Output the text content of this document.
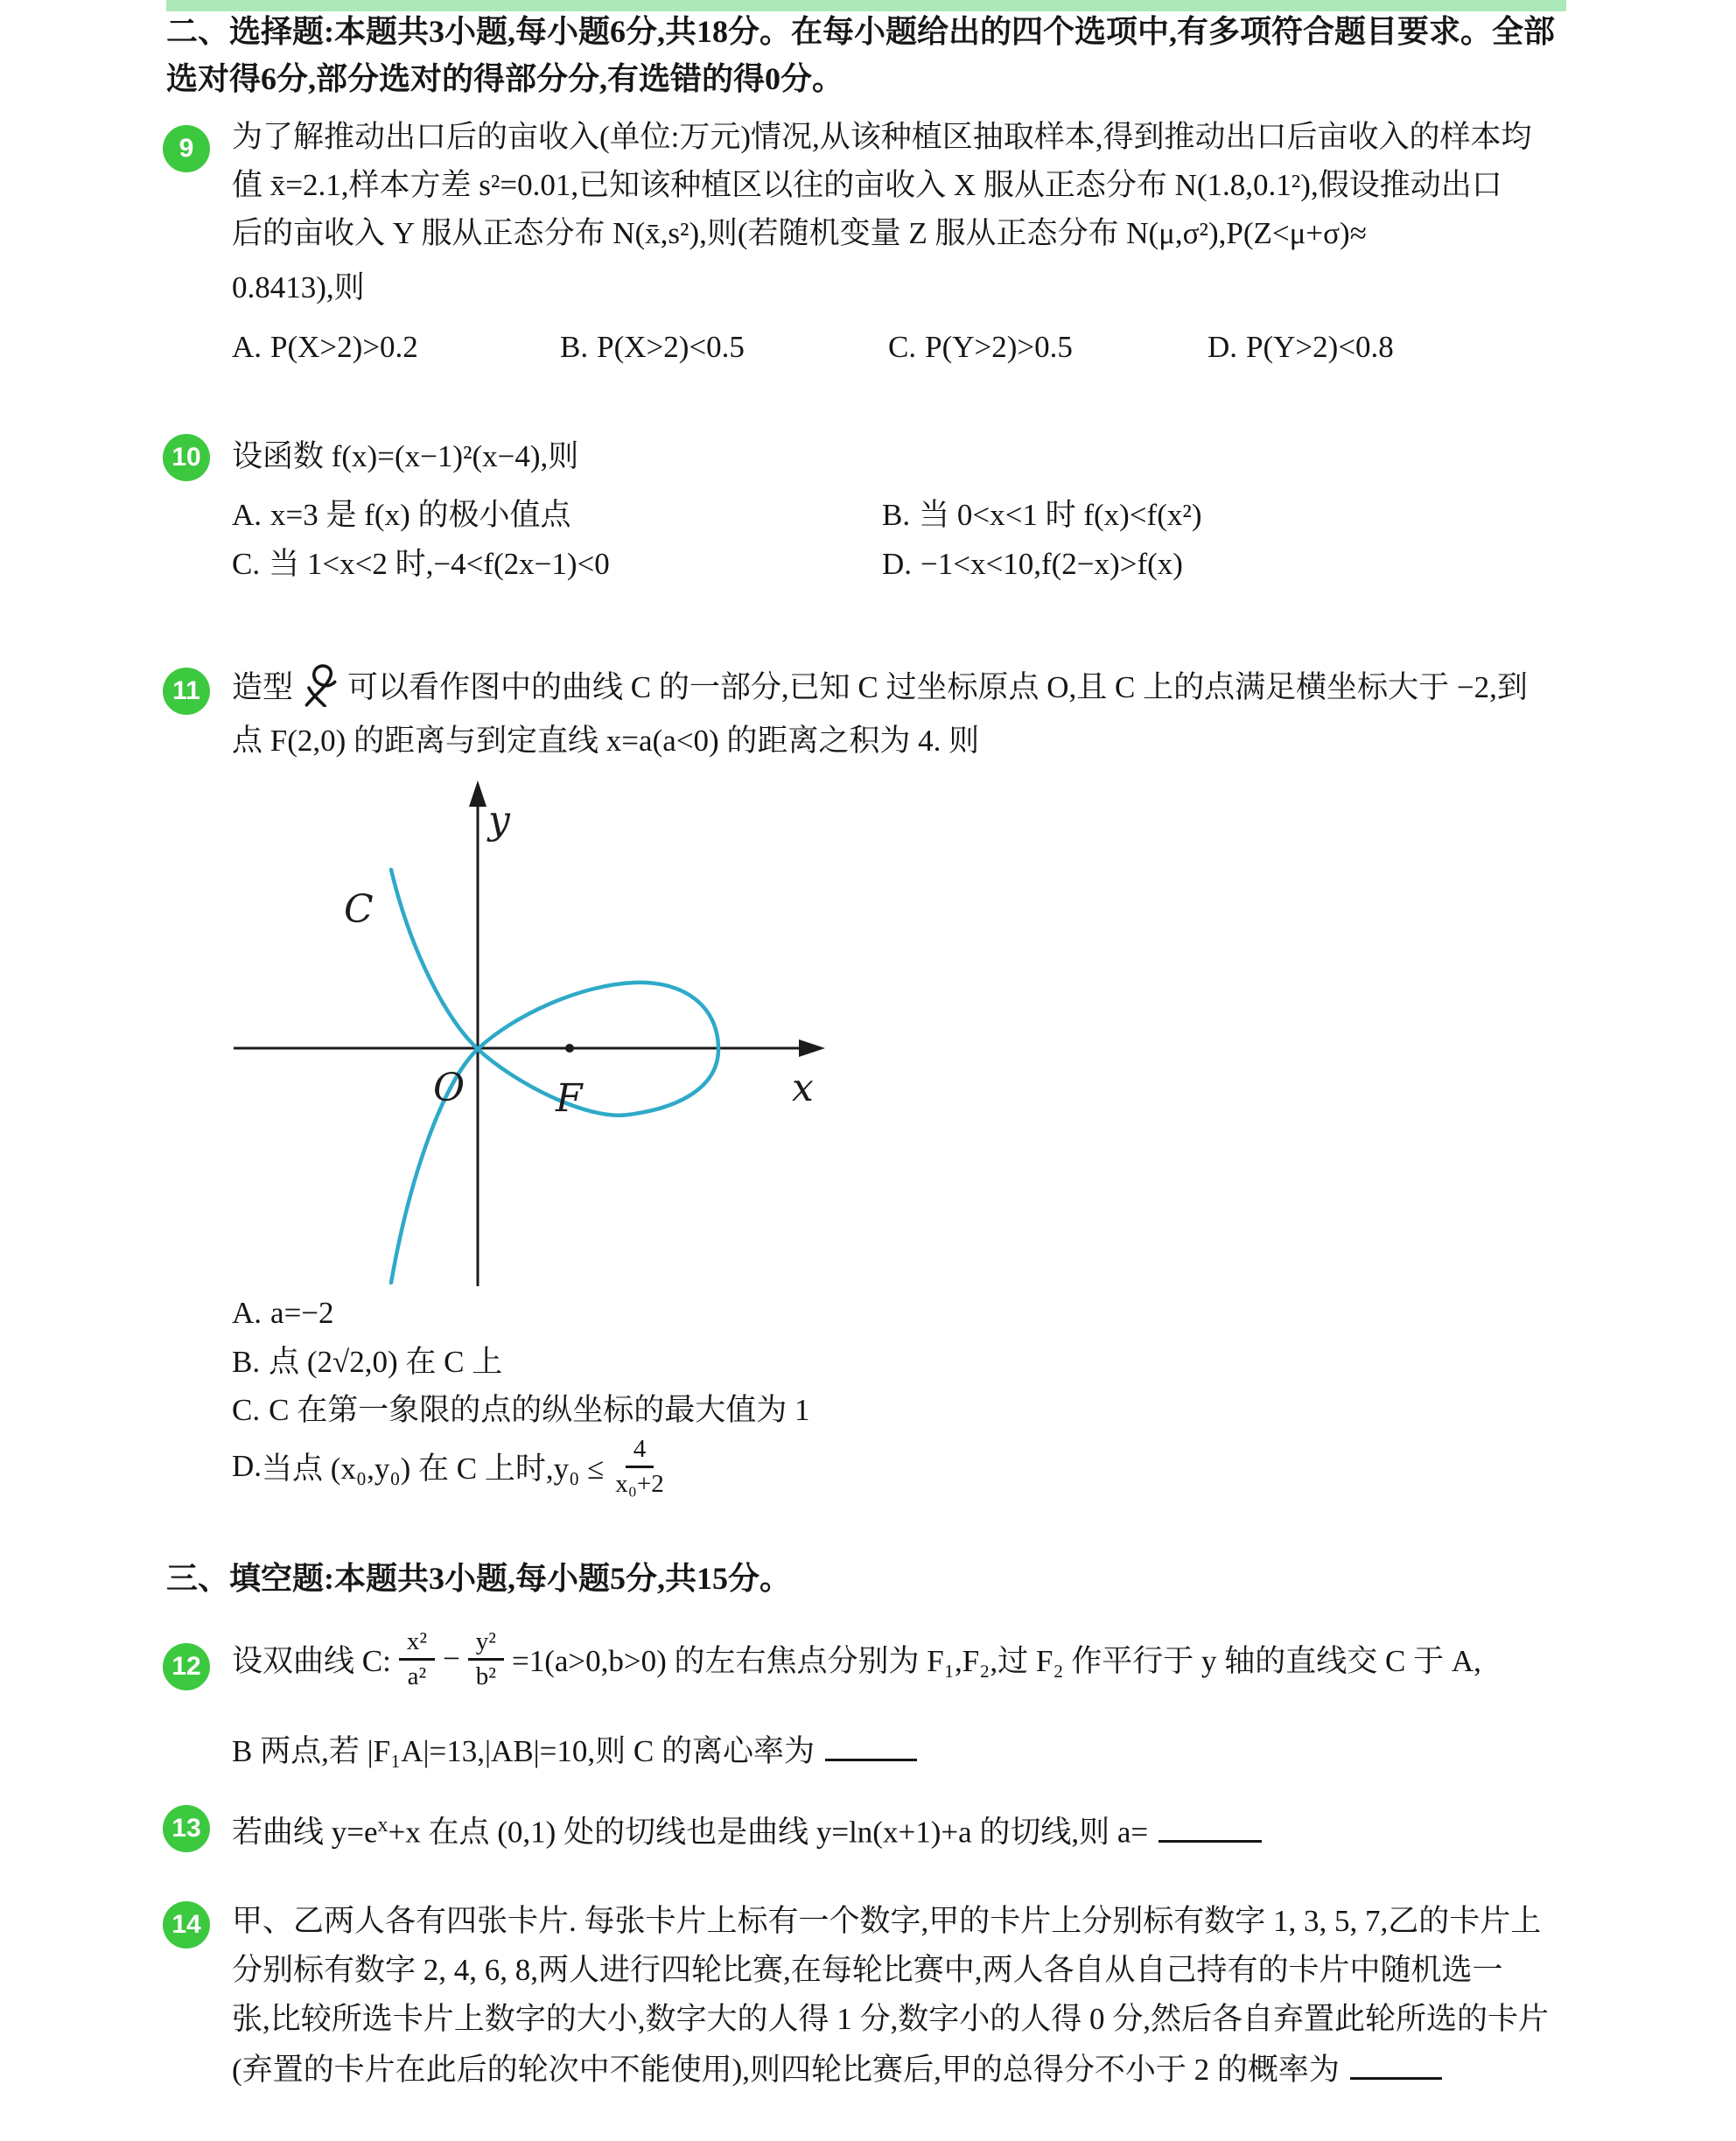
二、选择题:本题共3小题,每小题6分,共18分。在每小题给出的四个选项中,有多项符合题目要求。全部
选对得6分,部分选对的得部分分,有选错的得0分。
9 为了解推动出口后的亩收入(单位:万元)情况,从该种植区抽取样本,得到推动出口后亩收入的样本均
值 x̄=2.1,样本方差 s²=0.01,已知该种植区以往的亩收入 X 服从正态分布 N(1.8,0.1²),假设推动出口
后的亩收入 Y 服从正态分布 N(x̄,s²),则(若随机变量 Z 服从正态分布 N(μ,σ²),P(Z<μ+σ)≈
0.8413),则
A. P(X>2)>0.2	B. P(X>2)<0.5	C. P(Y>2)>0.5	D. P(Y>2)<0.8
10 设函数 f(x)=(x−1)²(x−4),则
A. x=3 是 f(x) 的极小值点	B. 当 0<x<1 时 f(x)<f(x²)
C. 当 1<x<2 时,−4<f(2x−1)<0	D. −1<x<10,f(2−x)>f(x)
11 造型 可以看作图中的曲线 C 的一部分,已知 C 过坐标原点 O,且 C 上的点满足横坐标大于 −2,到
点 F(2,0) 的距离与到定直线 x=a(a<0) 的距离之积为 4. 则
y
x
O F
C
A. a=−2
B. 点 (2√2,0) 在 C 上
C. C 在第一象限的点的纵坐标的最大值为 1
D. 当点 (x₀,y₀) 在 C 上时$,y_0 \le \frac{4}{\text{x₀+2}}$
三、填空题:本题共3小题,每小题5分,共15分。
12 设双曲线 C: $\frac{\text{x²}}{\text{a²}} - \frac{\text{y²}}{\text{b²}} =1(a>0,b>0)$ 的左右焦点分别为 F₁,F₂,过 F₂ 作平行于 y 轴的直线交 C 于 A,
B 两点,若 |F₁A|=13,|AB|=10,则 C 的离心率为
13 若曲线 $y=e^x+x$ 在点 (0,1) 处的切线也是曲线 y=ln(x+1)+a 的切线,则 a=
14 甲、乙两人各有四张卡片. 每张卡片上标有一个数字,甲的卡片上分别标有数字 1, 3, 5, 7,乙的卡片上
分别标有数字 2, 4, 6, 8,两人进行四轮比赛,在每轮比赛中,两人各自从自己持有的卡片中随机选一
张,比较所选卡片上数字的大小,数字大的人得 1 分,数字小的人得 0 分,然后各自弃置此轮所选的卡片
(弃置的卡片在此后的轮次中不能使用),则四轮比赛后,甲的总得分不小于 2 的概率为
